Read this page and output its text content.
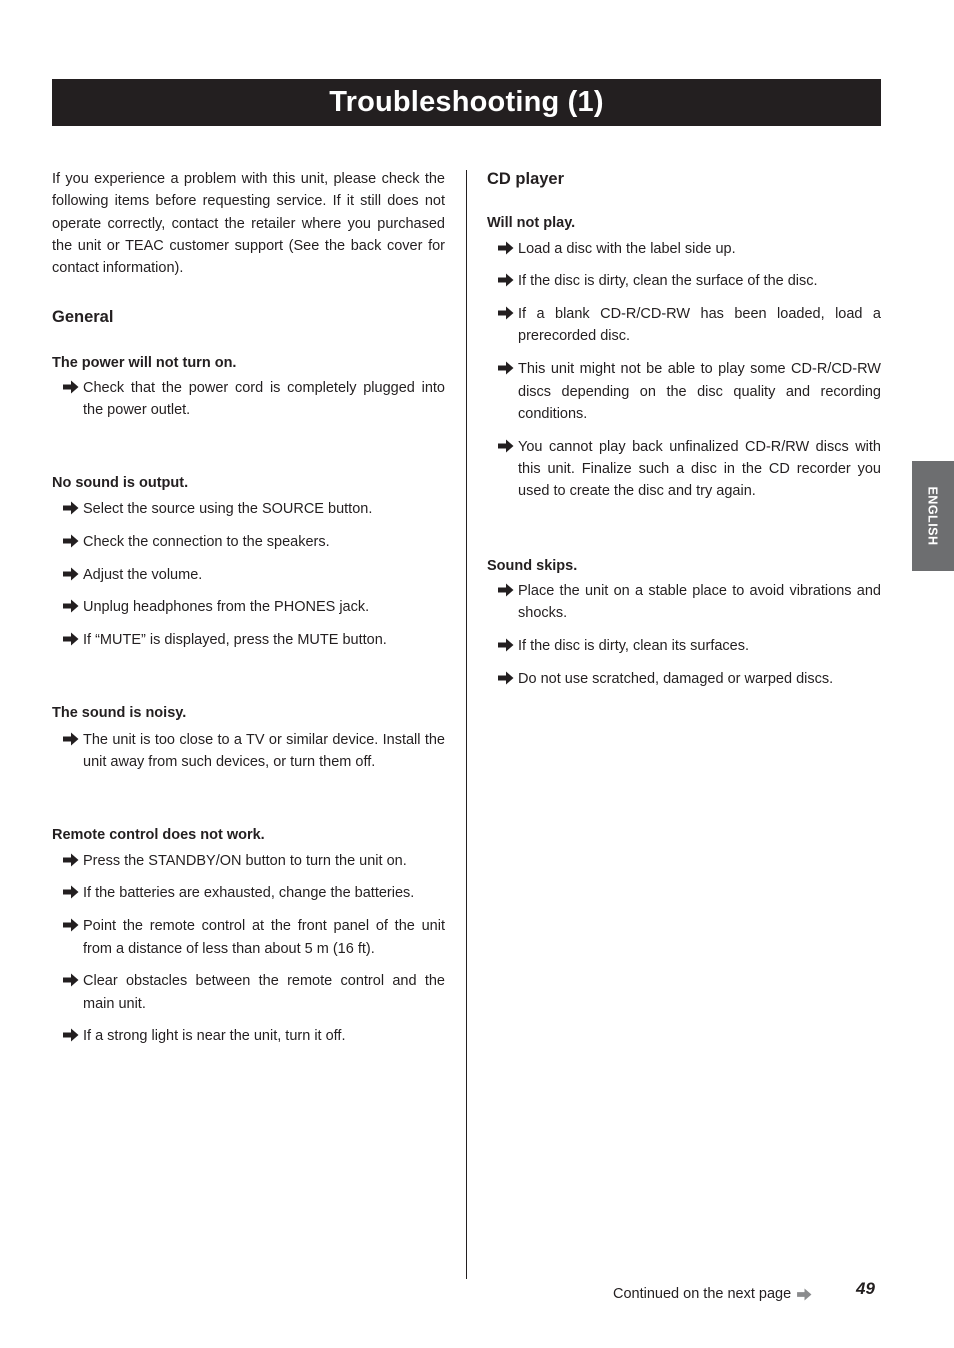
Troubleshooting (1)

If you experience a problem with this unit, please check the following items before requesting service. If it still does not operate correctly, contact the retailer where you purchased the unit or TEAC customer support (See the back cover for contact information).

General
The power will not turn on.
Check that the power cord is completely plugged into the power outlet.
No sound is output.
Select the source using the SOURCE button.
Check the connection to the speakers.
Adjust the volume.
Unplug headphones from the PHONES jack.
If “MUTE” is displayed, press the MUTE button.
The sound is noisy.
The unit is too close to a TV or similar device. Install the unit away from such devices, or turn them off.
Remote control does not work.
Press the STANDBY/ON button to turn the unit on.
If the batteries are exhausted, change the batteries.
Point the remote control at the front panel of the unit from a distance of less than about 5 m (16 ft).
Clear obstacles between the remote control and the main unit.
If a strong light is near the unit, turn it off.
CD player
Will not play.
Load a disc with the label side up.
If the disc is dirty, clean the surface of the disc.
If a blank CD-R/CD-RW has been loaded, load a prerecorded disc.
This unit might not be able to play some CD-R/CD-RW discs depending on the disc quality and recording conditions.
You cannot play back unfinalized CD-R/RW discs with this unit. Finalize such a disc in the CD recorder you used to create the disc and try again.
Sound skips.
Place the unit on a stable place to avoid vibrations and shocks.
If the disc is dirty, clean its surfaces.
Do not use scratched, damaged or warped discs.
ENGLISH
Continued on the next page	49
